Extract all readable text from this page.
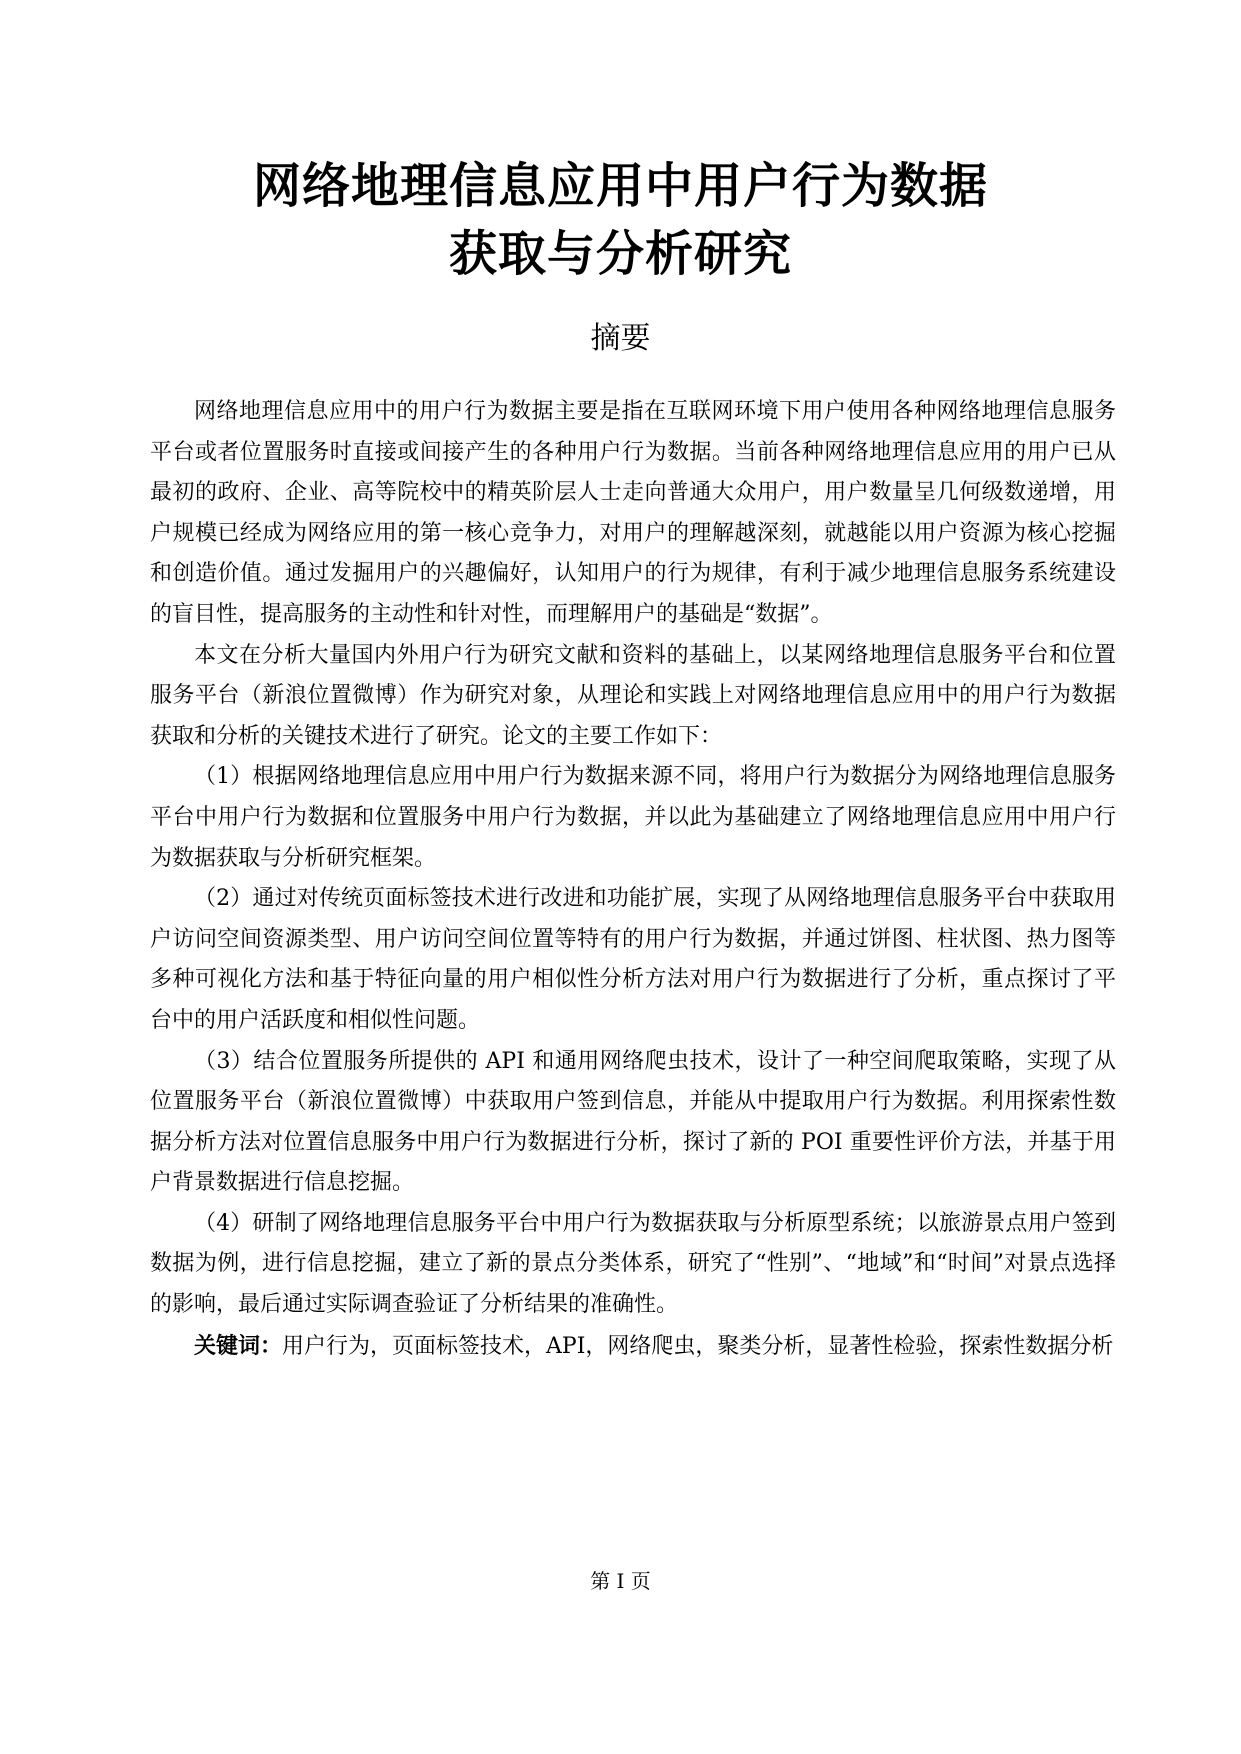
网络地理信息应用中用户行为数据
获取与分析研究
摘要

网络地理信息应用中的用户行为数据主要是指在互联网环境下用户使用各种网络地理信息服务平台或者位置服务时直接或间接产生的各种用户行为数据。当前各种网络地理信息应用的用户已从最初的政府、企业、高等院校中的精英阶层人士走向普通大众用户，用户数量呈几何级数递增，用户规模已经成为网络应用的第一核心竞争力，对用户的理解越深刻，就越能以用户资源为核心挖掘和创造价值。通过发掘用户的兴趣偏好，认知用户的行为规律，有利于减少地理信息服务系统建设的盲目性，提高服务的主动性和针对性，而理解用户的基础是“数据”。

本文在分析大量国内外用户行为研究文献和资料的基础上，以某网络地理信息服务平台和位置服务平台（新浪位置微博）作为研究对象，从理论和实践上对网络地理信息应用中的用户行为数据获取和分析的关键技术进行了研究。论文的主要工作如下：

（1）根据网络地理信息应用中用户行为数据来源不同，将用户行为数据分为网络地理信息服务平台中用户行为数据和位置服务中用户行为数据，并以此为基础建立了网络地理信息应用中用户行为数据获取与分析研究框架。

（2）通过对传统页面标签技术进行改进和功能扩展，实现了从网络地理信息服务平台中获取用户访问空间资源类型、用户访问空间位置等特有的用户行为数据，并通过饼图、柱状图、热力图等多种可视化方法和基于特征向量的用户相似性分析方法对用户行为数据进行了分析，重点探讨了平台中的用户活跃度和相似性问题。

（3）结合位置服务所提供的 API 和通用网络爬虫技术，设计了一种空间爬取策略，实现了从位置服务平台（新浪位置微博）中获取用户签到信息，并能从中提取用户行为数据。利用探索性数据分析方法对位置信息服务中用户行为数据进行分析，探讨了新的 POI 重要性评价方法，并基于用户背景数据进行信息挖掘。

（4）研制了网络地理信息服务平台中用户行为数据获取与分析原型系统；以旅游景点用户签到数据为例，进行信息挖掘，建立了新的景点分类体系，研究了“性别”、“地域”和“时间”对景点选择的影响，最后通过实际调查验证了分析结果的准确性。

关键词：用户行为，页面标签技术，API，网络爬虫，聚类分析，显著性检验，探索性数据分析

第 I 页
